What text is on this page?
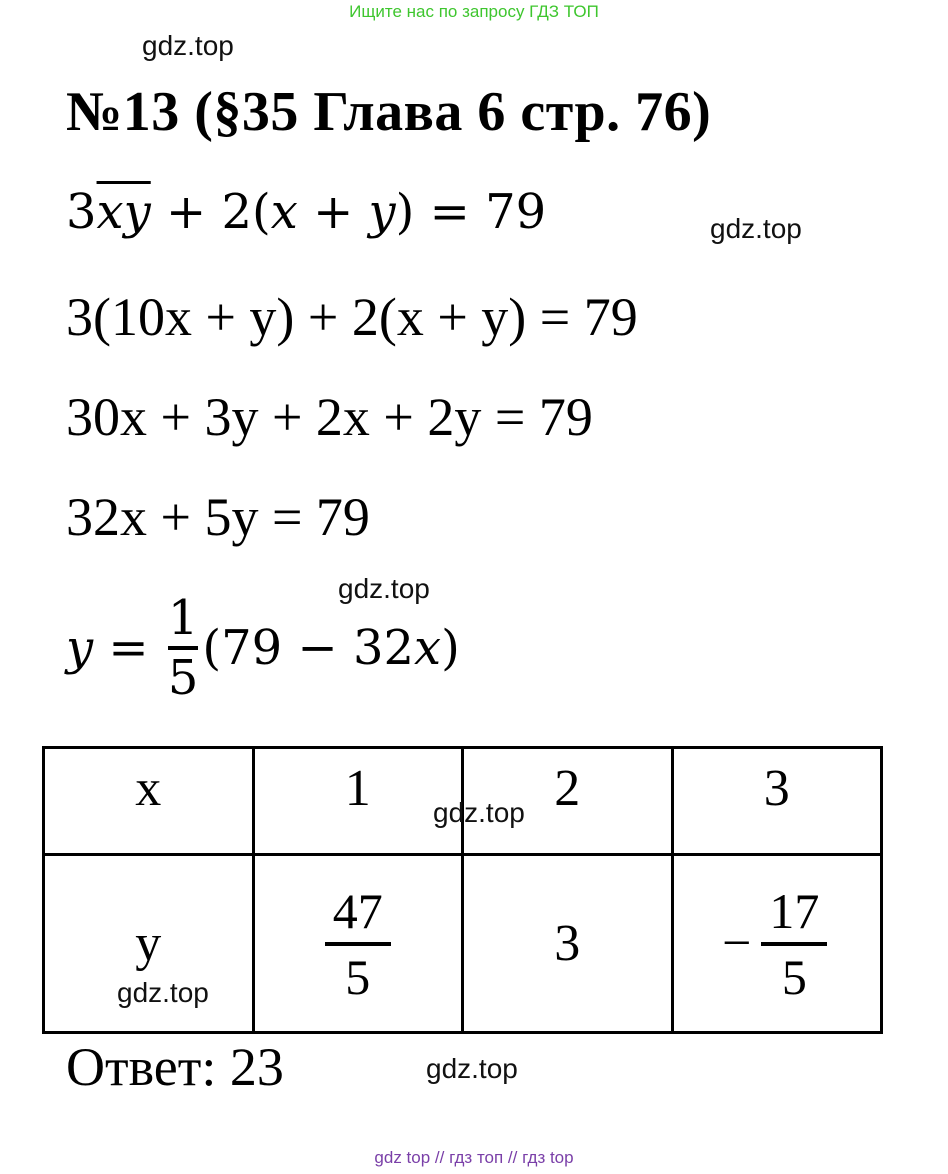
Ищите нас по запросу ГДЗ ТОП
gdz.top
№13 (§35 Глава 6 стр. 76)
$3\overline{xy} + 2(x + y) = 79$	gdz.top
3(10x + y) + 2(x + y) = 79
30x + 3y + 2x + 2y = 79
32x + 5y = 79
gdz.top
$y = \frac{1}{5} (79 - 32x)$
x	1	2	3
y	$\frac{47}{5}$	3	− $\frac{17}{5}$
gdz.top
gdz.top
Ответ: 23	gdz.top
gdz top // гдз топ // гдз top
